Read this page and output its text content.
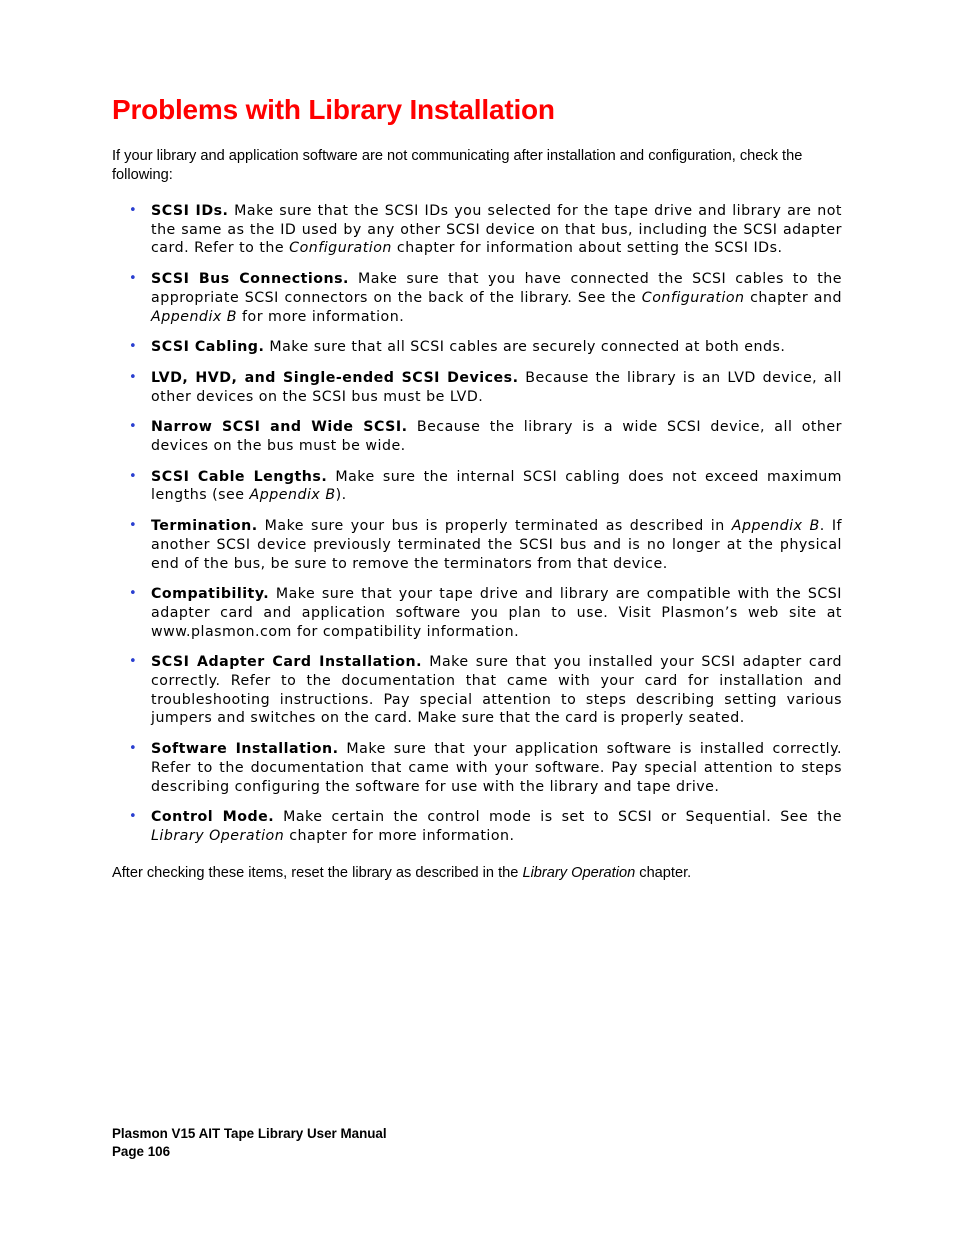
Problems with Library Installation

If your library and application software are not communicating after installation and configuration, check the following:

• SCSI IDs. Make sure that the SCSI IDs you selected for the tape drive and library are not the same as the ID used by any other SCSI device on that bus, including the SCSI adapter card. Refer to the Configuration chapter for information about setting the SCSI IDs.
• SCSI Bus Connections. Make sure that you have connected the SCSI cables to the appropriate SCSI connectors on the back of the library. See the Configuration chapter and Appendix B for more information.
• SCSI Cabling. Make sure that all SCSI cables are securely connected at both ends.
• LVD, HVD, and Single-ended SCSI Devices. Because the library is an LVD device, all other devices on the SCSI bus must be LVD.
• Narrow SCSI and Wide SCSI. Because the library is a wide SCSI device, all other devices on the bus must be wide.
• SCSI Cable Lengths. Make sure the internal SCSI cabling does not exceed maximum lengths (see Appendix B).
• Termination. Make sure your bus is properly terminated as described in Appendix B. If another SCSI device previously terminated the SCSI bus and is no longer at the physical end of the bus, be sure to remove the terminators from that device.
• Compatibility. Make sure that your tape drive and library are compatible with the SCSI adapter card and application software you plan to use. Visit Plasmon’s web site at www.plasmon.com for compatibility information.
• SCSI Adapter Card Installation. Make sure that you installed your SCSI adapter card correctly. Refer to the documentation that came with your card for installation and troubleshooting instructions. Pay special attention to steps describing setting various jumpers and switches on the card. Make sure that the card is properly seated.
• Software Installation. Make sure that your application software is installed correctly. Refer to the documentation that came with your software. Pay special attention to steps describing configuring the software for use with the library and tape drive.
• Control Mode. Make certain the control mode is set to SCSI or Sequential. See the Library Operation chapter for more information.

After checking these items, reset the library as described in the Library Operation chapter.

Plasmon V15 AIT Tape Library User Manual
Page 106
